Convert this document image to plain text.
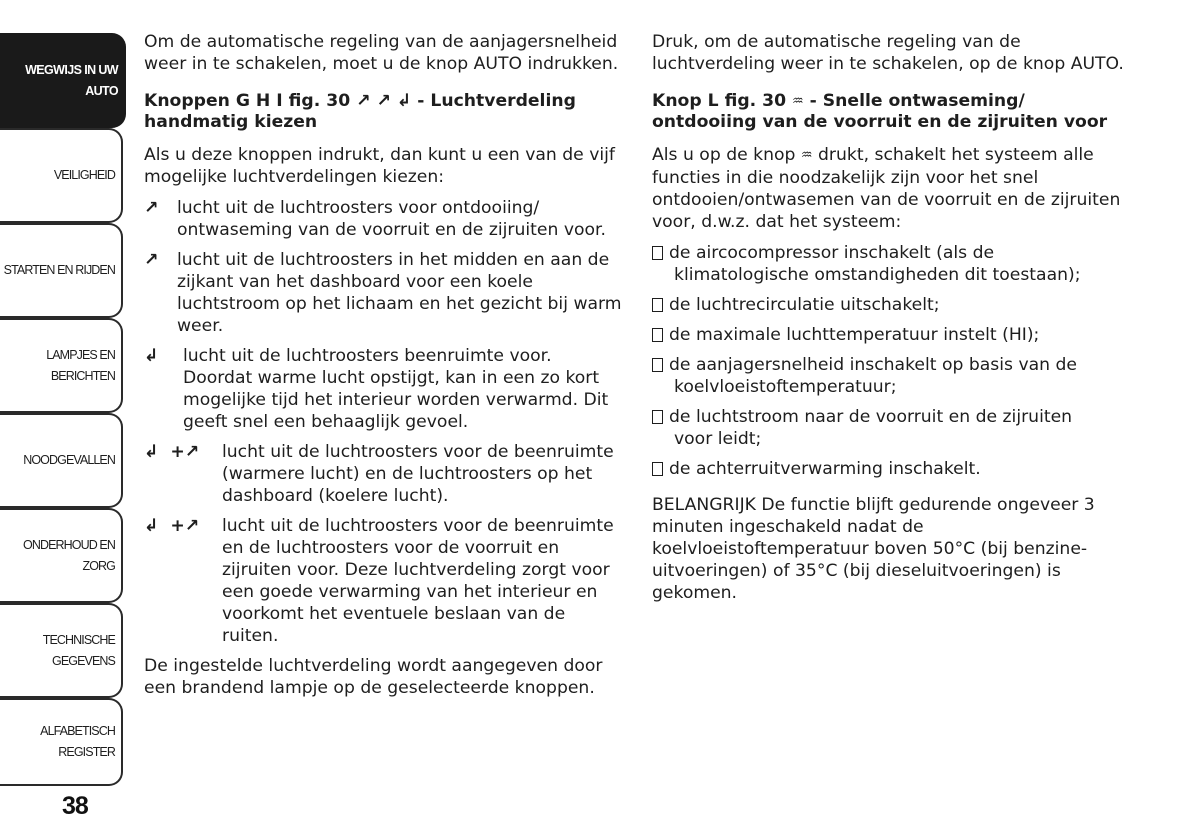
WEGWIJS IN UW
AUTO
VEILIGHEID
STARTEN EN RIJDEN
LAMPJES EN
BERICHTEN
NOODGEVALLEN
ONDERHOUD EN
ZORG
TECHNISCHE
GEGEVENS
ALFABETISCH
REGISTER
38

Om de automatische regeling van de aanjagersnelheid weer in te schakelen, moet u de knop AUTO indrukken.

Knoppen G H I fig. 30 ↗ ↗ ↲ - Luchtverdeling handmatig kiezen

Als u deze knoppen indrukt, dan kunt u een van de vijf mogelijke luchtverdelingen kiezen:

↗	lucht uit de luchtroosters voor ontdooiing/ ontwaseming van de voorruit en de zijruiten voor.
↗	lucht uit de luchtroosters in het midden en aan de zijkant van het dashboard voor een koele luchtstroom op het lichaam en het gezicht bij warm weer.
↲	lucht uit de luchtroosters beenruimte voor. Doordat warme lucht opstijgt, kan in een zo kort mogelijke tijd het interieur worden verwarmd. Dit geeft snel een behaaglijk gevoel.
↲  +↗	lucht uit de luchtroosters voor de beenruimte (warmere lucht) en de luchtroosters op het dashboard (koelere lucht).
↲  +↗	lucht uit de luchtroosters voor de beenruimte en de luchtroosters voor de voorruit en zijruiten voor. Deze luchtverdeling zorgt voor een goede verwarming van het interieur en voorkomt het eventuele beslaan van de ruiten.

De ingestelde luchtverdeling wordt aangegeven door een brandend lampje op de geselecteerde knoppen.

Druk, om de automatische regeling van de luchtverdeling weer in te schakelen, op de knop AUTO.

Knop L fig. 30 ♒ - Snelle ontwaseming/ ontdooiing van de voorruit en de zijruiten voor

Als u op de knop ♒ drukt, schakelt het systeem alle functies in die noodzakelijk zijn voor het snel ontdooien/ontwasemen van de voorruit en de zijruiten voor, d.w.z. dat het systeem:

de aircocompressor inschakelt (als de
klimatologische omstandigheden dit toestaan);
de luchtrecirculatie uitschakelt;
de maximale luchttemperatuur instelt (HI);
de aanjagersnelheid inschakelt op basis van de
koelvloeistoftemperatuur;
de luchtstroom naar de voorruit en de zijruiten
voor leidt;
de achterruitverwarming inschakelt.

BELANGRIJK De functie blijft gedurende ongeveer 3 minuten ingeschakeld nadat de koelvloeistoftemperatuur boven 50°C (bij benzine-uitvoeringen) of 35°C (bij dieseluitvoeringen) is gekomen.
